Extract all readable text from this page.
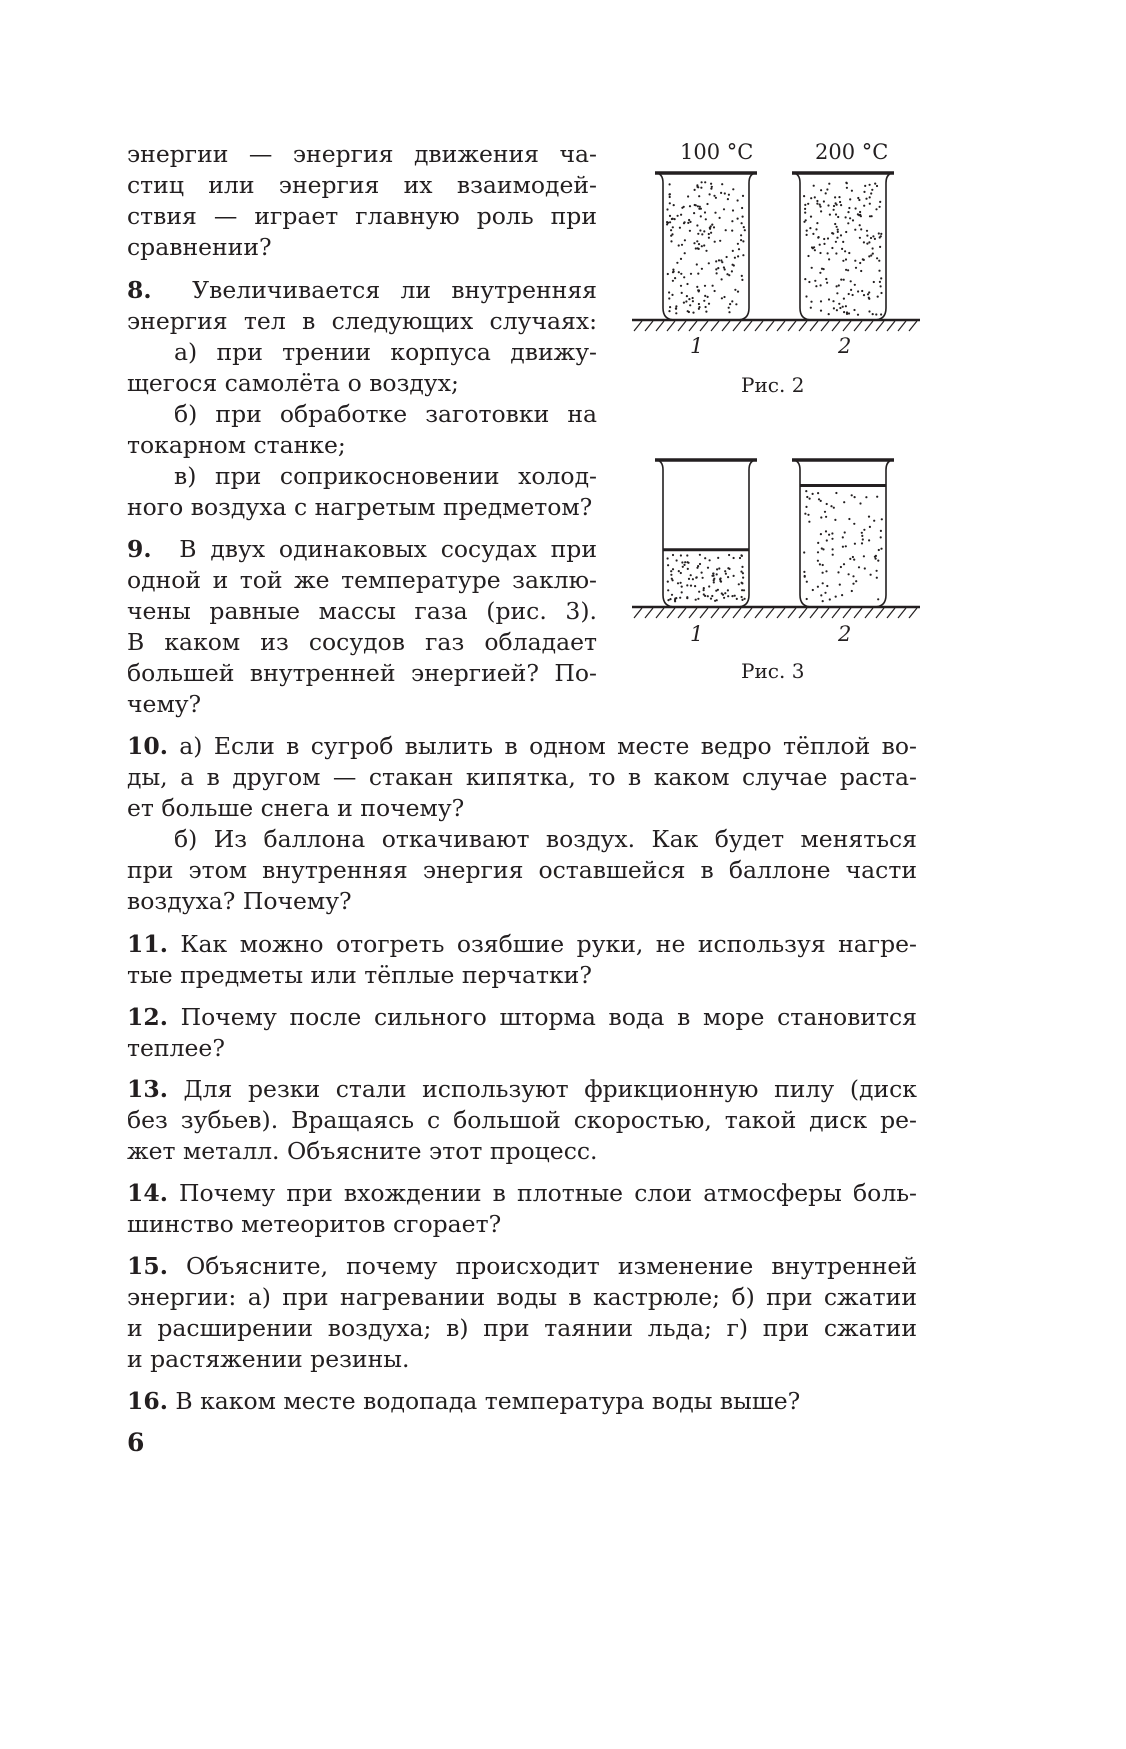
энергии — энергия движения ча-
стиц или энергия их взаимодей-
ствия — играет главную роль при
сравнении?
8. Увеличивается ли внутренняя
энергия тел в следующих случаях:
а) при трении корпуса движу-
щегося самолёта о воздух;
б) при обработке заготовки на
токарном станке;
в) при соприкосновении холод-
ного воздуха с нагретым предметом?
9. В двух одинаковых сосудах при
одной и той же температуре заклю-
чены равные массы газа (рис. 3).
В каком из сосудов газ обладает
большей внутренней энергией? По-
чему?
10. а) Если в сугроб вылить в одном месте ведро тёплой во-
ды, а в другом — стакан кипятка, то в каком случае раста-
ет больше снега и почему?
б) Из баллона откачивают воздух. Как будет меняться
при этом внутренняя энергия оставшейся в баллоне части
воздуха? Почему?
11. Как можно отогреть озябшие руки, не используя нагре-
тые предметы или тёплые перчатки?
12. Почему после сильного шторма вода в море становится
теплее?
13. Для резки стали используют фрикционную пилу (диск
без зубьев). Вращаясь с большой скоростью, такой диск ре-
жет металл. Объясните этот процесс.
14. Почему при вхождении в плотные слои атмосферы боль-
шинство метеоритов сгорает?
15. Объясните, почему происходит изменение внутренней
энергии: а) при нагревании воды в кастрюле; б) при сжатии
и расширении воздуха; в) при таянии льда; г) при сжатии
и растяжении резины.
16. В каком месте водопада температура воды выше?
6
100 °C	200 °C
1	2
Рис. 2
1	2
Рис. 3
